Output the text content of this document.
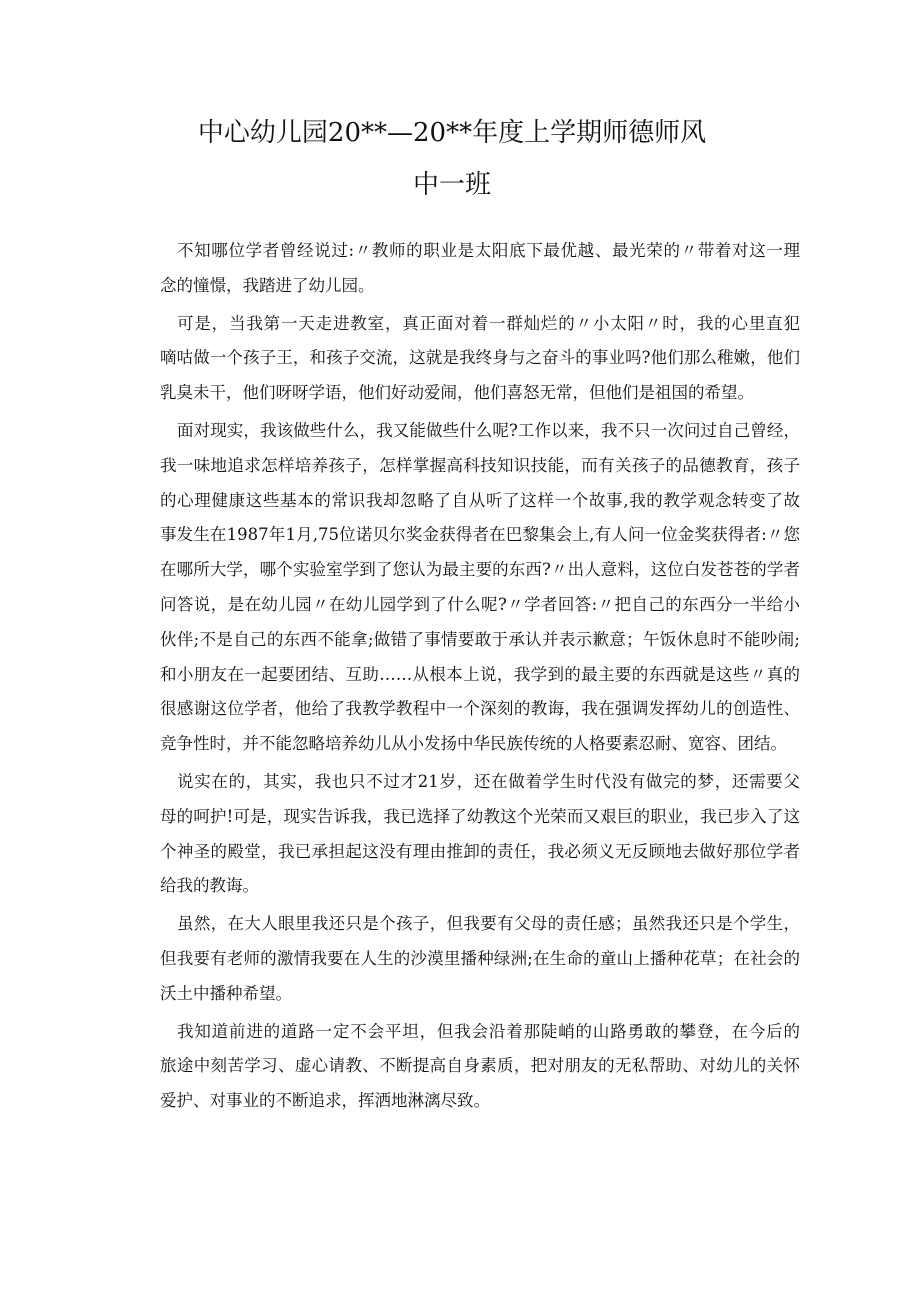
中心幼儿园20**—20**年度上学期师德师风
中一班
不知哪位学者曾经说过:〃教师的职业是太阳底下最优越、最光荣的〃带着对这一理
念的憧憬，我踏进了幼儿园。
可是，当我第一天走进教室，真正面对着一群灿烂的〃小太阳〃时，我的心里直犯
嘀咕做一个孩子王，和孩子交流，这就是我终身与之奋斗的事业吗?他们那么稚嫩，他们
乳臭未干，他们呀呀学语，他们好动爱闹，他们喜怒无常，但他们是祖国的希望。
面对现实，我该做些什么，我又能做些什么呢?工作以来，我不只一次问过自己曾经，
我一味地追求怎样培养孩子，怎样掌握高科技知识技能，而有关孩子的品德教育，孩子
的心理健康这些基本的常识我却忽略了自从听了这样一个故事,我的教学观念转变了故
事发生在1987年1月,75位诺贝尔奖金获得者在巴黎集会上,有人问一位金奖获得者:〃您
在哪所大学，哪个实验室学到了您认为最主要的东西?〃出人意料，这位白发苍苍的学者
问答说，是在幼儿园〃在幼儿园学到了什么呢?〃学者回答:〃把自己的东西分一半给小
伙伴;不是自己的东西不能拿;做错了事情要敢于承认并表示歉意；午饭休息时不能吵闹;
和小朋友在一起要团结、互助……从根本上说，我学到的最主要的东西就是这些〃真的
很感谢这位学者，他给了我教学教程中一个深刻的教诲，我在强调发挥幼儿的创造性、
竞争性时，并不能忽略培养幼儿从小发扬中华民族传统的人格要素忍耐、宽容、团结。
说实在的，其实，我也只不过才21岁，还在做着学生时代没有做完的梦，还需要父
母的呵护!可是，现实告诉我，我已选择了幼教这个光荣而又艰巨的职业，我已步入了这
个神圣的殿堂，我已承担起这没有理由推卸的责任，我必须义无反顾地去做好那位学者
给我的教诲。
虽然，在大人眼里我还只是个孩子，但我要有父母的责任感；虽然我还只是个学生，
但我要有老师的激情我要在人生的沙漠里播种绿洲;在生命的童山上播种花草；在社会的
沃土中播种希望。
我知道前进的道路一定不会平坦，但我会沿着那陡峭的山路勇敢的攀登，在今后的
旅途中刻苦学习、虚心请教、不断提高自身素质，把对朋友的无私帮助、对幼儿的关怀
爱护、对事业的不断追求，挥洒地淋漓尽致。
